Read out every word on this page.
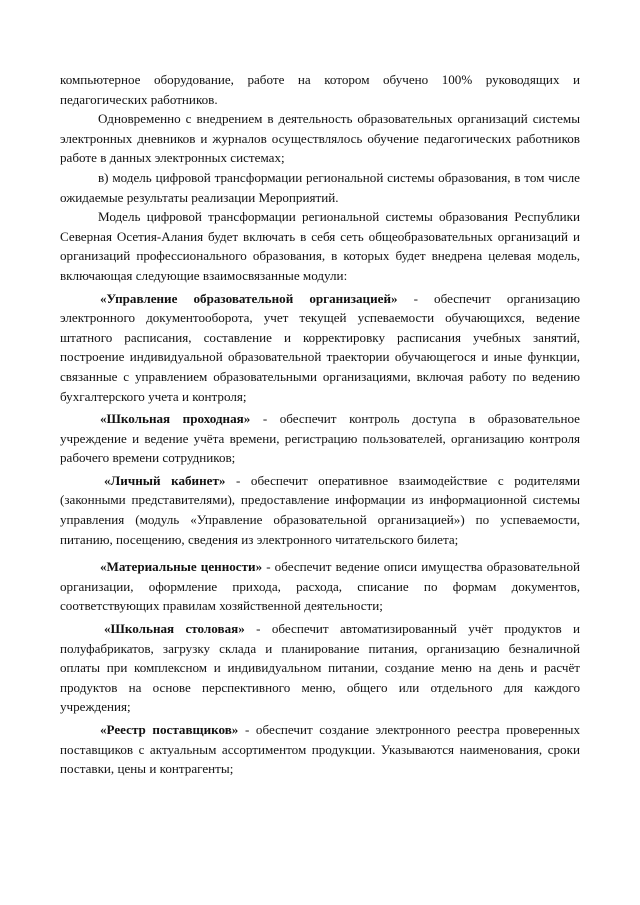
компьютерное оборудование, работе на котором обучено 100% руководящих и педагогических работников.

Одновременно с внедрением в деятельность образовательных организаций системы электронных дневников и журналов осуществлялось обучение педагогических работников работе в данных электронных системах;

в) модель цифровой трансформации региональной системы образования, в том числе ожидаемые результаты реализации Мероприятий.

Модель цифровой трансформации региональной системы образования Республики Северная Осетия-Алания будет включать в себя сеть общеобразовательных организаций и организаций профессионального образования, в которых будет внедрена целевая модель, включающая следующие взаимосвязанные модули:

«Управление образовательной организацией» - обеспечит организацию электронного документооборота, учет текущей успеваемости обучающихся, ведение штатного расписания, составление и корректировку расписания учебных занятий, построение индивидуальной образовательной траектории обучающегося и иные функции, связанные с управлением образовательными организациями, включая работу по ведению бухгалтерского учета и контроля;

«Школьная проходная» - обеспечит контроль доступа в образовательное учреждение и ведение учёта времени, регистрацию пользователей, организацию контроля рабочего времени сотрудников;

«Личный кабинет» - обеспечит оперативное взаимодействие с родителями (законными представителями), предоставление информации из информационной системы управления (модуль «Управление образовательной организацией») по успеваемости, питанию, посещению, сведения из электронного читательского билета;

«Материальные ценности» - обеспечит ведение описи имущества образовательной организации, оформление прихода, расхода, списание по формам документов, соответствующих правилам хозяйственной деятельности;

«Школьная столовая» - обеспечит автоматизированный учёт продуктов и полуфабрикатов, загрузку склада и планирование питания, организацию безналичной оплаты при комплексном и индивидуальном питании, создание меню на день и расчёт продуктов на основе перспективного меню, общего или отдельного для каждого учреждения;

«Реестр поставщиков» - обеспечит создание электронного реестра проверенных поставщиков с актуальным ассортиментом продукции. Указываются наименования, сроки поставки, цены и контрагенты;
